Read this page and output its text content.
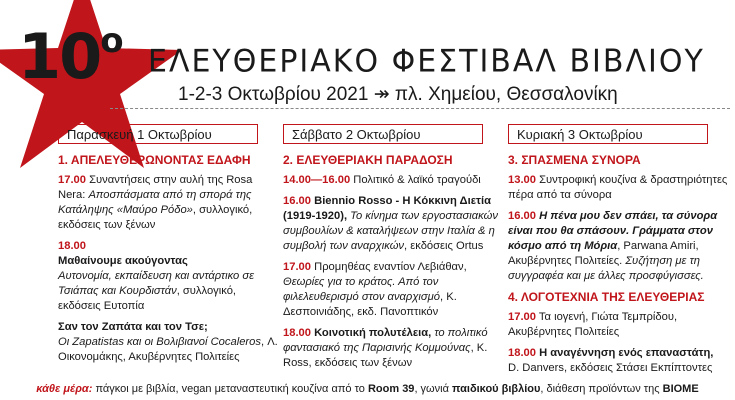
$10^o$
ΕΛΕΥΘΕΡΙΑΚΟ ΦΕΣΤΙΒΑΛ ΒΙΒΛΙΟΥ
1-2-3 Οκτωβρίου 2021 ↠ πλ. Χημείου, Θεσσαλονίκη
Παρασκευή 1 Οκτωβρίου
1. ΑΠΕΛΕΥΘΕΡΩΝΟΝΤΑΣ ΕΔΑΦΗ
17.00 Συναντήσεις στην αυλή της Rosa Nera: Αποσπάσματα από τη σπορά της Κατάληψης «Μαύρο Ρόδο», συλλογικό, εκδόσεις των ξένων
18.00
Μαθαίνουμε ακούγοντας
Αυτονομία, εκπαίδευση και αντάρτικο σε Τσιάπας και Κουρδιστάν, συλλογικό, εκδόσεις Ευτοπία
Σαν τον Ζαπάτα και τον Τσε;
Οι Zapatistas και οι Βολιβιανοί Cocaleros, Λ. Οικονομάκης, Ακυβέρνητες Πολιτείες
Σάββατο 2 Οκτωβρίου
2. ΕΛΕΥΘΕΡΙΑΚΗ ΠΑΡΑΔΟΣΗ
14.00—16.00 Πολιτικό & λαϊκό τραγούδι
16.00 Biennio Rosso - Η Κόκκινη Διετία (1919-1920), Το κίνημα των εργοστασιακών συμβουλίων & καταλήψεων στην Ιταλία & η συμβολή των αναρχικών, εκδόσεις Ortus
17.00 Προμηθέας εναντίον Λεβιάθαν, Θεωρίες για το κράτος. Από τον φιλελευθερισμό στον αναρχισμό, Κ. Δεσποινιάδης, εκδ. Πανοπτικόν
18.00 Κοινοτική πολυτέλεια, το πολιτικό φαντασιακό της Παρισινής Κομμούνας, K. Ross, εκδόσεις των ξένων
Κυριακή 3 Οκτωβρίου
3. ΣΠΑΣΜΕΝΑ ΣΥΝΟΡΑ
13.00 Συντροφική κουζίνα & δραστηριότητες πέρα από τα σύνορα
16.00 Η πένα μου δεν σπάει, τα σύνορα είναι που θα σπάσουν. Γράμματα στον κόσμο από τη Μόρια, Parwana Amiri, Ακυβέρνητες Πολιτείες. Συζήτηση με τη συγγραφέα και με άλλες προσφύγισσες.
4. ΛΟΓΟΤΕΧΝΙΑ ΤΗΣ ΕΛΕΥΘΕΡΙΑΣ
17.00 Τα ιογενή, Γιώτα Τεμπρίδου, Ακυβέρνητες Πολιτείες
18.00 Η αναγέννηση ενός επαναστάτη,
D. Danvers, εκδόσεις Στάσει Εκπίπτοντες
κάθε μέρα: πάγκοι με βιβλία, vegan μεταναστευτική κουζίνα από το Room 39, γωνιά παιδικού βιβλίου, διάθεση προϊόντων της ΒΙΟΜΕ
